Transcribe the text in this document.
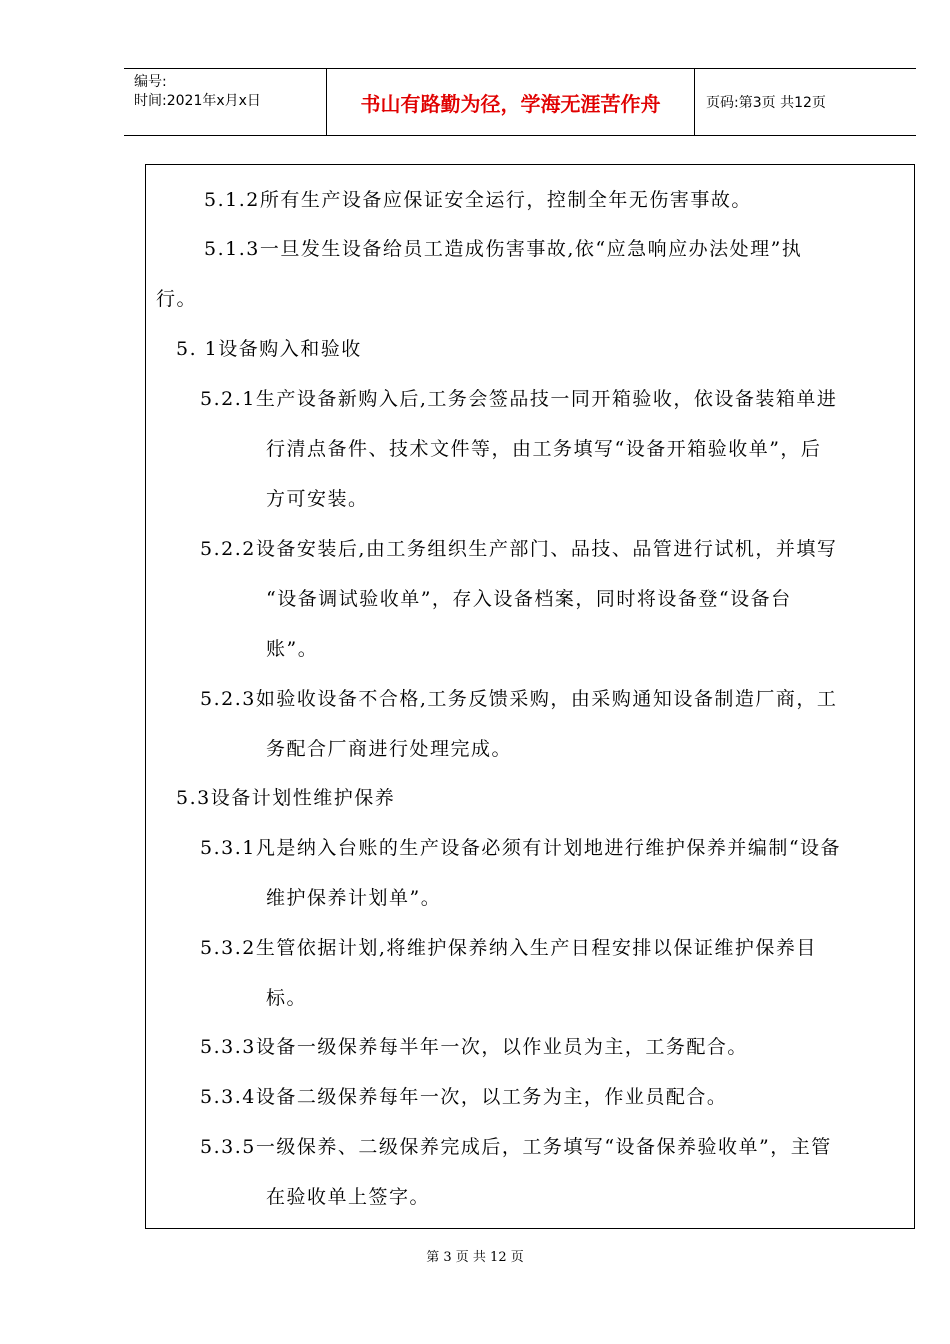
编号:
时间:2021年x月x日	书山有路勤为径，学海无涯苦作舟	页码:第3页 共12页
5.1.2所有生产设备应保证安全运行，控制全年无伤害事故。
5.1.3一旦发生设备给员工造成伤害事故,依“应急响应办法处理”执
行。
5. 1设备购入和验收
5.2.1生产设备新购入后,工务会签品技一同开箱验收，依设备装箱单进
行清点备件、技术文件等，由工务填写“设备开箱验收单”，后
方可安装。
5.2.2设备安装后,由工务组织生产部门、品技、品管进行试机，并填写
“设备调试验收单”，存入设备档案，同时将设备登“设备台
账”。
5.2.3如验收设备不合格,工务反馈采购，由采购通知设备制造厂商，工
务配合厂商进行处理完成。
5.3设备计划性维护保养
5.3.1凡是纳入台账的生产设备必须有计划地进行维护保养并编制“设备
维护保养计划单”。
5.3.2生管依据计划,将维护保养纳入生产日程安排以保证维护保养目
标。
5.3.3设备一级保养每半年一次，以作业员为主，工务配合。
5.3.4设备二级保养每年一次，以工务为主，作业员配合。
5.3.5一级保养、二级保养完成后，工务填写“设备保养验收单”，主管
在验收单上签字。
第 3 页 共 12 页
